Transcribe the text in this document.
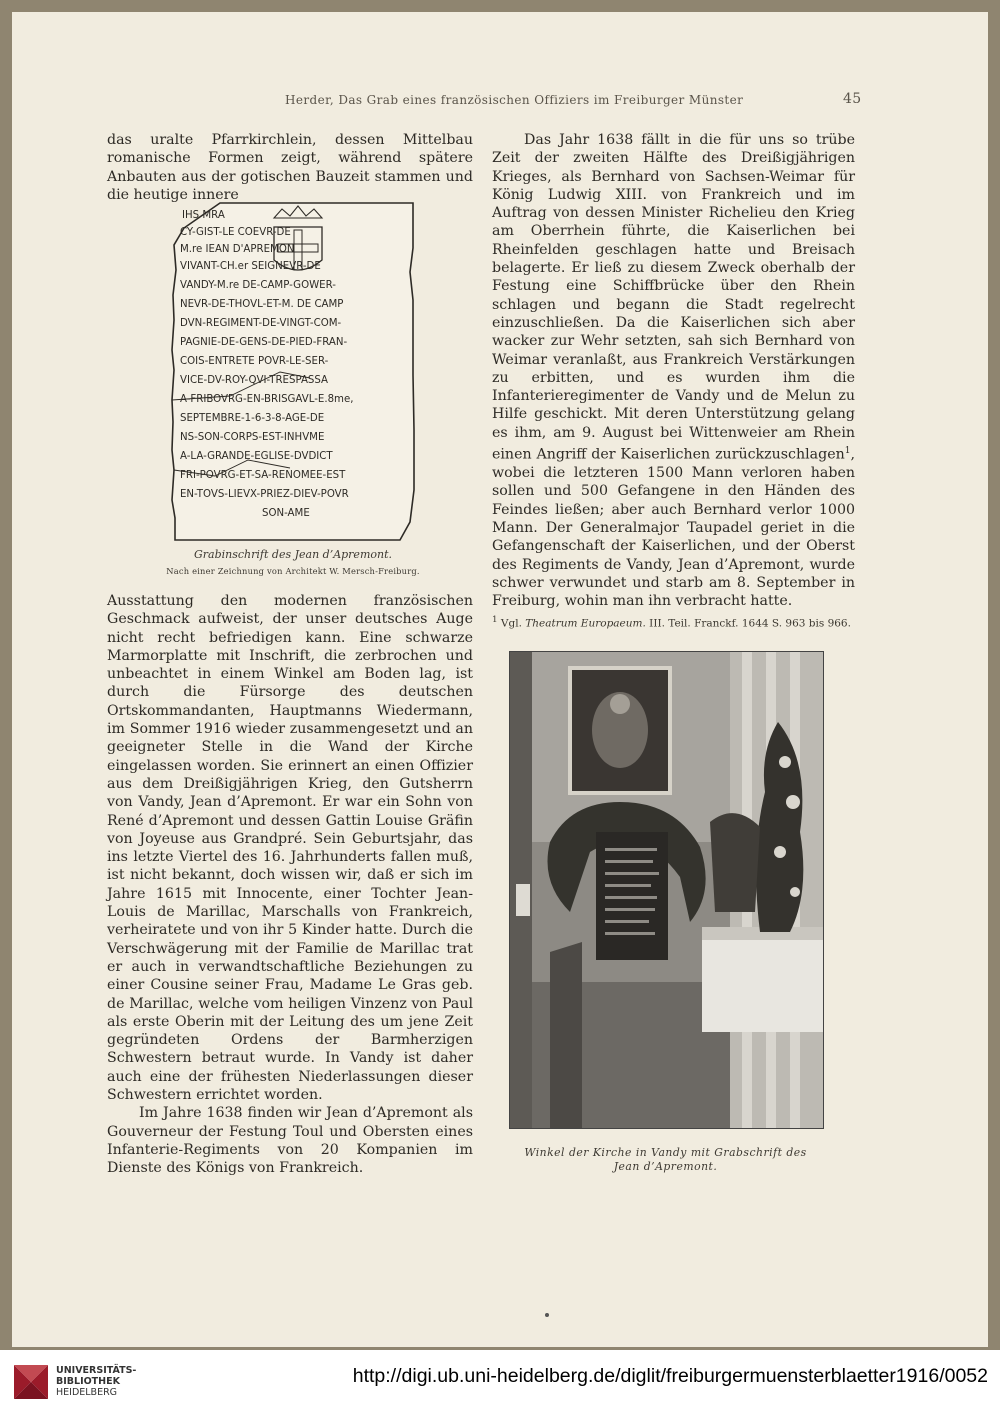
Herder, Das Grab eines französischen Offiziers im Freiburger Münster	45

das uralte Pfarrkirchlein, dessen Mittelbau romanische Formen zeigt, während spätere Anbauten aus der gotischen Bauzeit stammen und die heutige innere

IHS MRA
CY-GIST-LE COEVR-DE
M.re IEAN D'APREMON
VIVANT-CH.er SEIGNEVR-DE
VANDY-M.re DE-CAMP-GOWER-
NEVR-DE-THOVL-ET-M. DE CAMP
DVN-REGIMENT-DE-VINGT-COM-
PAGNIE-DE-GENS-DE-PIED-FRAN-
COIS-ENTRETE POVR-LE-SER-
VICE-DV-ROY-QVI-TRESPASSA
A-FRIBOVRG-EN-BRISGAVL-E.8me,
SEPTEMBRE-1-6-3-8-AGE-DE
NS-SON-CORPS-EST-INHVME
A-LA-GRANDE-EGLISE-DVDICT
FRI-POVRG-ET-SA-RENOMEE-EST
EN-TOVS-LIEVX-PRIEZ-DIEV-POVR
SON-AME
Grabinschrift des Jean d’Apremont.
Nach einer Zeichnung von Architekt W. Mersch-Freiburg.

Ausstattung den modernen französischen Geschmack aufweist, der unser deutsches Auge nicht recht befriedigen kann. Eine schwarze Marmorplatte mit Inschrift, die zerbrochen und unbeachtet in einem Winkel am Boden lag, ist durch die Fürsorge des deutschen Ortskommandanten, Hauptmanns Wiedermann, im Sommer 1916 wieder zusammengesetzt und an geeigneter Stelle in die Wand der Kirche eingelassen worden. Sie erinnert an einen Offizier aus dem Dreißigjährigen Krieg, den Gutsherrn von Vandy, Jean d’Apremont. Er war ein Sohn von René d’Apremont und dessen Gattin Louise Gräfin von Joyeuse aus Grandpré. Sein Geburtsjahr, das ins letzte Viertel des 16. Jahrhunderts fallen muß, ist nicht bekannt, doch wissen wir, daß er sich im Jahre 1615 mit Innocente, einer Tochter Jean-Louis de Marillac, Marschalls von Frankreich, verheiratete und von ihr 5 Kinder hatte. Durch die Verschwägerung mit der Familie de Marillac trat er auch in verwandtschaftliche Beziehungen zu einer Cousine seiner Frau, Madame Le Gras geb. de Marillac, welche vom heiligen Vinzenz von Paul als erste Oberin mit der Leitung des um jene Zeit gegründeten Ordens der Barmherzigen Schwestern betraut wurde. In Vandy ist daher auch eine der frühesten Niederlassungen dieser Schwestern errichtet worden.

Im Jahre 1638 finden wir Jean d’Apremont als Gouverneur der Festung Toul und Obersten eines Infanterie-Regiments von 20 Kompanien im Dienste des Königs von Frankreich.

Das Jahr 1638 fällt in die für uns so trübe Zeit der zweiten Hälfte des Dreißigjährigen Krieges, als Bernhard von Sachsen-Weimar für König Ludwig XIII. von Frankreich und im Auftrag von dessen Minister Richelieu den Krieg am Oberrhein führte, die Kaiserlichen bei Rheinfelden geschlagen hatte und Breisach belagerte. Er ließ zu diesem Zweck oberhalb der Festung eine Schiffbrücke über den Rhein schlagen und begann die Stadt regelrecht einzuschließen. Da die Kaiserlichen sich aber wacker zur Wehr setzten, sah sich Bernhard von Weimar veranlaßt, aus Frankreich Verstärkungen zu erbitten, und es wurden ihm die Infanterieregimenter de Vandy und de Melun zu Hilfe geschickt. Mit deren Unterstützung gelang es ihm, am 9. August bei Wittenweier am Rhein einen Angriff der Kaiserlichen zurückzuschlagen$^1$, wobei die letzteren 1500 Mann verloren haben sollen und 500 Gefangene in den Händen des Feindes ließen; aber auch Bernhard verlor 1000 Mann. Der Generalmajor Taupadel geriet in die Gefangenschaft der Kaiserlichen, und der Oberst des Regiments de Vandy, Jean d’Apremont, wurde schwer verwundet und starb am 8. September in Freiburg, wohin man ihn verbracht hatte.

$^1$ Vgl. Theatrum Europaeum. III. Teil. Franckf. 1644 S. 963 bis 966.
Winkel der Kirche in Vandy mit Grabschrift des
Jean d’Apremont.
UNIVERSITÄTS-
BIBLIOTHEK
HEIDELBERG
http://digi.ub.uni-heidelberg.de/diglit/freiburgermuensterblaetter1916/0052
